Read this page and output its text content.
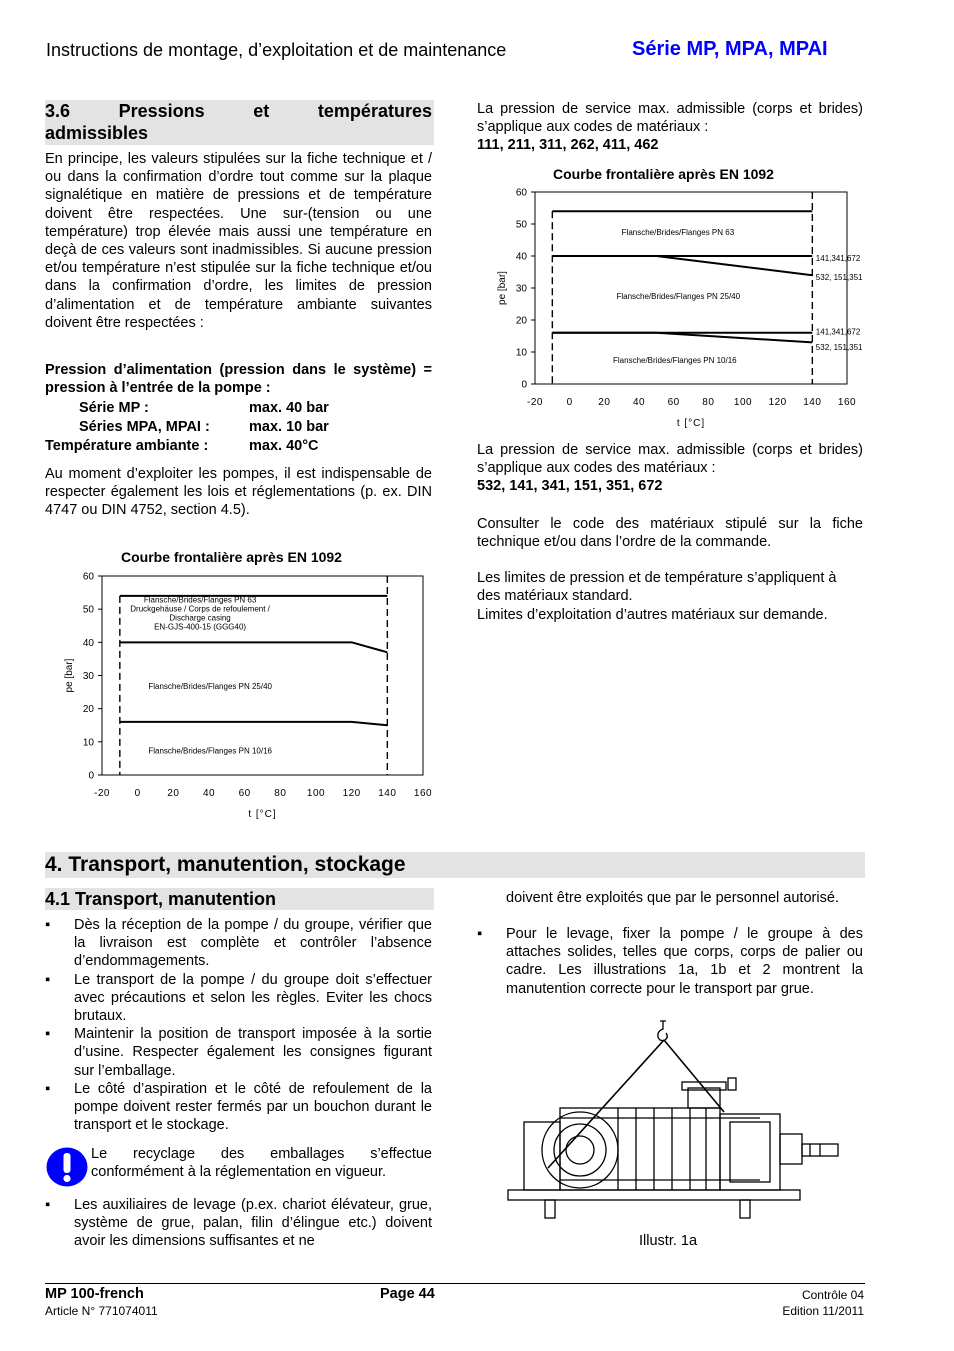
Instructions de montage, d’exploitation et de maintenance	Série MP, MPA, MPAI
3.6	Pressions	et	températures
admissibles
En principe, les valeurs stipulées sur la fiche technique et / ou dans la confirmation d’ordre tout comme sur la plaque signalétique en matière de pressions et de température doivent être respectées. Une sur-(tension ou une température) trop élevée mais aussi une température en deçà de ces valeurs sont inadmissibles. Si aucune pression et/ou température n’est stipulée sur la fiche technique et/ou dans la confirmation d’ordre, les limites de pression d’alimentation et de température ambiante suivantes doivent être respectées :
Pression d’alimentation (pression dans le système) = pression à l’entrée de la pompe :
Série MP :	max. 40 bar
Séries MPA, MPAI :	max. 10 bar
Température ambiante :	max. 40°C
Au moment d’exploiter les pompes, il est indispensable de respecter également les lois et réglementations (p. ex. DIN 4747 ou DIN 4752, section 4.5).
Courbe frontalière après EN 1092
0
10
20
30
40
50
60
-20 0	20 40 60 80 100 120 140 160
t [°C]
pe [bar]
Flansche/Brides/Flanges PN 63
Druckgehäuse / Corps de refoulement /
Discharge casing
EN-GJS-400-15 (GGG40)
Flansche/Brides/Flanges PN 25/40
Flansche/Brides/Flanges PN 10/16
La pression de service max. admissible (corps et brides) s’applique aux codes de matériaux :
111, 211, 311, 262, 411, 462
Courbe frontalière après EN 1092
0
10
20
30
40
50
60
-20 0	20 40 60 80 100 120 140 160
t [°C]
pe [bar]
Flansche/Brides/Flanges PN 63
Flansche/Brides/Flanges PN 25/40
Flansche/Brides/Flanges PN 10/16
141,341,672
532, 151,351
141,341,672
532, 151,351
La pression de service max. admissible (corps et brides) s’applique aux codes des matériaux :
532, 141, 341, 151, 351, 672
Consulter le code des matériaux stipulé sur la fiche technique et/ou dans l’ordre de la commande.
Les limites de pression et de température s’appliquent à des matériaux standard.
Limites d’exploitation d’autres matériaux sur demande.
4. Transport, manutention, stockage
4.1 Transport, manutention
▪	Dès la réception de la pompe / du groupe, vérifier que la livraison est complète et contrôler l’absence d’endommagements.
▪	Le transport de la pompe / du groupe doit s’effectuer avec précautions et selon les règles. Eviter les chocs brutaux.
▪	Maintenir la position de transport imposée à la sortie d’usine. Respecter également les consignes figurant sur l’emballage.
▪	Le côté d’aspiration et le côté de refoulement de la pompe doivent rester fermés par un bouchon durant le transport et le stockage.
Le recyclage des emballages s’effectue conformément à la réglementation en vigueur.
▪	Les auxiliaires de levage (p.ex. chariot élévateur, grue, système de grue, palan, filin d’élingue etc.) doivent avoir les dimensions suffisantes et ne
doivent être exploités que par le personnel autorisé.
▪	Pour le levage, fixer la pompe / le groupe à des attaches solides, telles que corps, corps de palier ou cadre. Les illustrations 1a, 1b et 2 montrent la manutention correcte pour le transport par grue.
Illustr. 1a
MP 100-french
Article N° 771074011
Page 44	Contrôle 04
Edition 11/2011
